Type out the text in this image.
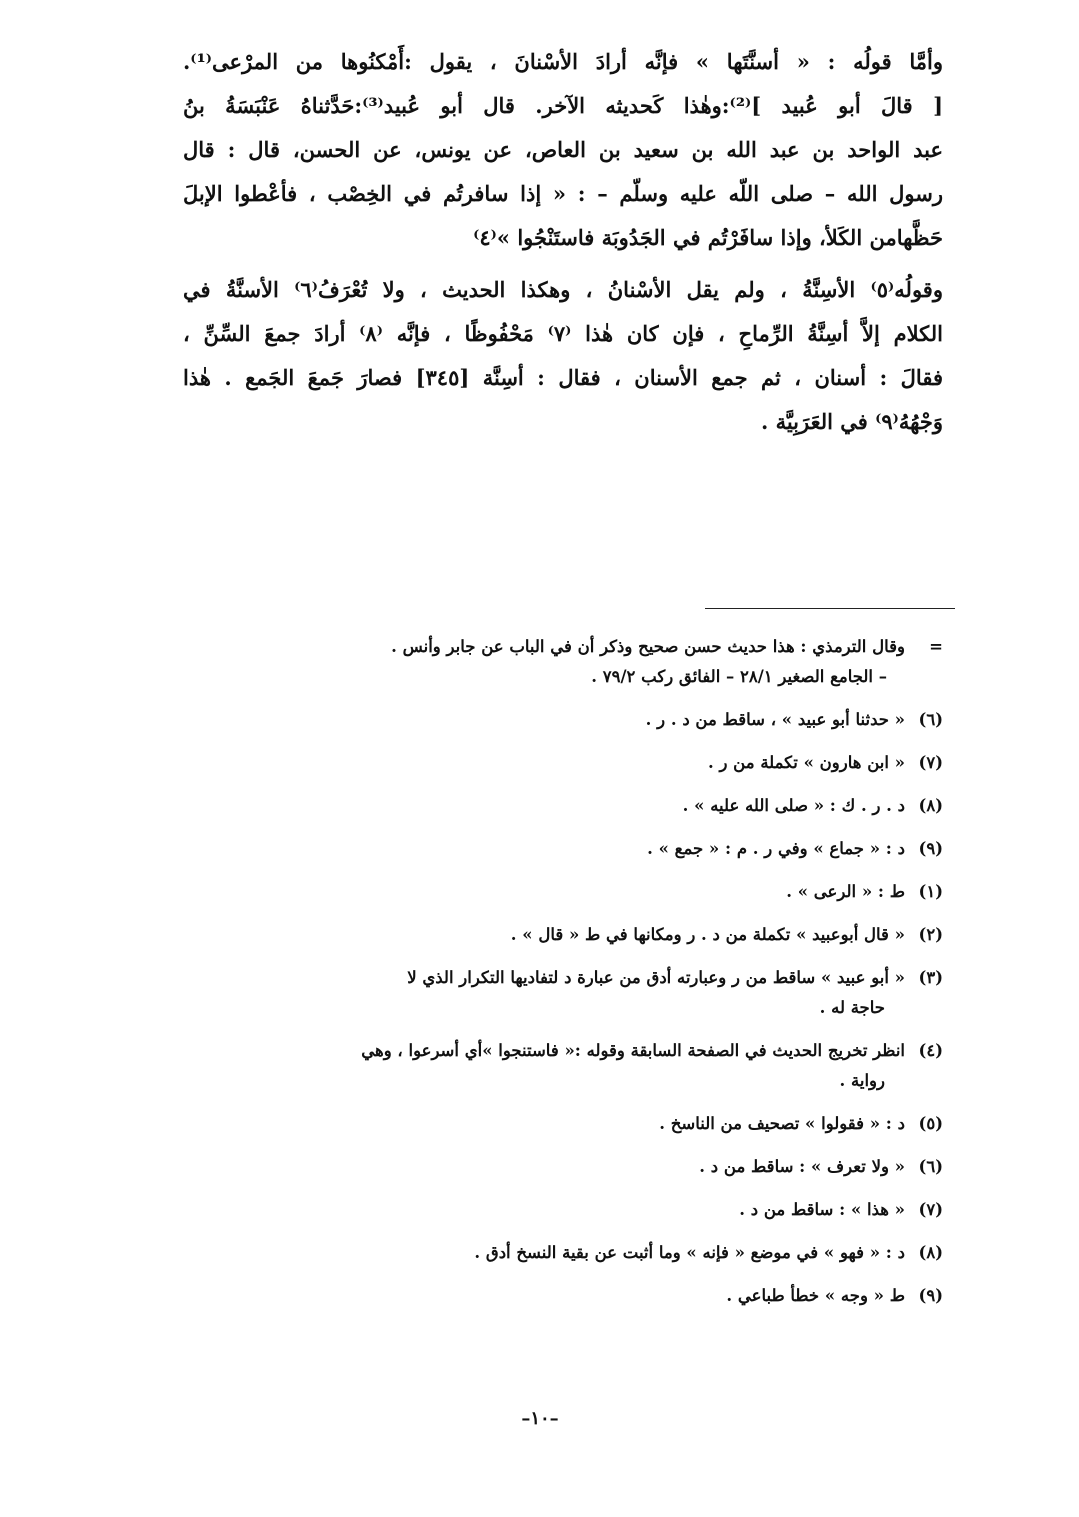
وأمَّا قولُه : « أسنَّتَها » فإنَّه أرادَ الأسْنانَ ، يقول :أَمْكنُوها من المرْعى⁽¹⁾.
[ قالَ أبو عُبيد ]⁽²⁾:وهٰذا كَحديثه الآخر. قال أبو عُبيد⁽³⁾:حَدَّثناهُ عَنْبَسَةُ بنُ
عبد الواحد بن عبد الله بن سعيد بن العاص، عن يونس، عن الحسن، قال : قال
رسول الله – صلى اللّه عليه وسلّم – : « إذا سافرتُم في الخِصْب ، فأعْطوا الإبلَ
حَظَّهامن الكَلأ، وإذا سافَرْتُم في الجَدُوبَة فاستَنْجُوا »⁽٤⁾
وقولُه⁽٥⁾ الأسِنَّةُ ، ولم يقل الأسْنانُ ، وهكذا الحديث ، ولا تُعْرَفُ⁽٦⁾ الأسنَّةُ في
الكلام إلاَّ أسِنَّةُ الرِّماحِ ، فإن كان هٰذا ⁽٧⁾ مَحْفُوظًا ، فإنَّه ⁽٨⁾ أرادَ جمعَ السِّنِّ ،
فقالَ : أسنان ، ثم جمع الأسنان ، فقال : أسِنَّة [٣٤٥] فصارَ جَمعَ الجَمع . هٰذا
وَجْهُهُ⁽٩⁾ في العَرَبِيَّة .
=
وقال الترمذي : هذا حديث حسن صحيح وذكر أن في الباب عن جابر وأنس .
– الجامع الصغير ٢٨/١ – الفائق ركب ٧٩/٢ .
(٦)
« حدثنا أبو عبيد » ، ساقط من د . ر .
(٧)
« ابن هارون » تكملة من ر .
(٨)
د . ر . ك : « صلى الله عليه » .
(٩)
د : « جماع » وفي ر . م : « جمع » .
(١)
ط : « الرعى » .
(٢)
« قال أبوعبيد » تكملة من د . ر ومكانها في ط « قال » .
(٣)
« أبو عبيد » ساقط من ر وعبارته أدق من عبارة د لتفاديها التكرار الذي لا
حاجة له .
(٤)
انظر تخريج الحديث في الصفحة السابقة وقوله :« فاستنجوا »أي أسرعوا ، وهي
رواية .
(٥)
د : « فقولوا » تصحيف من الناسخ .
(٦)
« ولا تعرف » : ساقط من د .
(٧)
« هذا » : ساقط من د .
(٨)
د : « فهو » في موضع « فإنه » وما أثبت عن بقية النسخ أدق .
(٩)
ط « وجه » خطأ طباعي .
–١٠–
